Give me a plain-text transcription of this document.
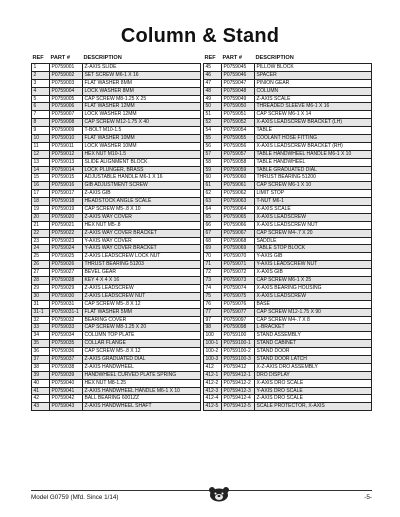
Column & Stand
REF	PART #	DESCRIPTION
1	P0759001	Z-AXIS SLIDE
2	P0759002	SET SCREW M6-1 X 16
3	P0759003	FLAT WASHER 8MM
4	P0759004	LOCK WASHER 8MM
5	P0759005	CAP SCREW M8-1.25 X 25
6	P0759006	FLAT WASHER 12MM
7	P0759007	LOCK WASHER 12MM
8	P0759008	CAP SCREW M12-1.75 X 40
9	P0759009	T-BOLT M10-1.5
10	P0759010	FLAT WASHER 10MM
11	P0759011	LOCK WASHER 10MM
12	P0759012	HEX NUT M10-1.5
13	P0759013	SLIDE ALIGNMENT BLOCK
14	P0759014	LOCK PLUNGER, BRASS
15	P0759015	ADJUSTABLE HANDLE M6-1 X 16
16	P0759016	GIB ADJUSTMENT SCREW
17	P0759017	Z-AXIS GIB
18	P0759018	HEADSTOCK ANGLE SCALE
19	P0759019	CAP SCREW M5-.8 X 10
20	P0759020	Z-AXIS WAY COVER
21	P0759021	HEX NUT M5-.8
22	P0759022	Z-AXIS WAY COVER BRACKET
23	P0759023	Y-AXIS WAY COVER
24	P0759024	Y-AXIS WAY COVER BRACKET
25	P0759025	Z-AXIS LEADSCREW LOCK NUT
26	P0759026	THRUST BEARING 51203
27	P0759027	BEVEL GEAR
28	P0759028	KEY 4 X 4 X 16
29	P0759029	Z-AXIS LEADSCREW
30	P0759030	Z-AXIS LEADSCREW NUT
31	P0759031	CAP SCREW M5-.8 X 12
31-1	P0759031-1	FLAT WASHER 5MM
32	P0759032	BEARING COVER
33	P0759033	CAP SCREW M8-1.25 X 20
34	P0759034	COLUMN TOP PLATE
35	P0759035	COLLAR FLANGE
36	P0759036	CAP SCREW M5-.8 X 12
37	P0759037	Z-AXIS GRADUATED DIAL
38	P0759038	Z-AXIS HANDWHEEL
39	P0759039	HANDWHEEL CURVED PLATE SPRING
40	P0759040	HEX NUT M8-1.25
41	P0759041	Z-AXIS HANDWHEEL HANDLE M6-1 X 10
42	P0759042	BALL BEARING 6001ZZ
43	P0759043	Z-AXIS HANDWHEEL SHAFT
REF	PART #	DESCRIPTION
45	P0759045	PILLOW BLOCK
46	P0759046	SPACER
47	P0759047	PINION GEAR
48	P0759048	COLUMN
49	P0759049	Z-AXIS SCALE
50	P0759050	THREADED SLEEVE M6-1 X 16
51	P0759051	CAP SCREW M6-1 X 14
52	P0759052	X-AXIS LEADSCREW BRACKET (LH)
54	P0759054	TABLE
55	P0759055	COOLANT HOSE FITTING
56	P0759056	X-AXIS LEADSCREW BRACKET (RH)
57	P0759057	TABLE HANDWHEEL HANDLE M6-1 X 10
58	P0759058	TABLE HANDWHEEL
59	P0759059	TABLE GRADUATED DIAL
60	P0759060	THRUST BEARING 51200
61	P0759061	CAP SCREW M6-1 X 10
62	P0759062	LIMIT STOP
63	P0759063	T-NUT M6-1
64	P0759064	X-AXIS SCALE
65	P0759065	X-AXIS LEADSCREW
66	P0759066	X-AXIS LEADSCREW NUT
67	P0759067	CAP SCREW M4-.7 X 20
68	P0759068	SADDLE
69	P0759069	TABLE STOP BLOCK
70	P0759070	Y-AXIS GIB
71	P0759071	Y-AXIS LEADSCREW NUT
72	P0759072	X-AXIS GIB
73	P0759073	CAP SCREW M6-1 X 25
74	P0759074	X-AXIS BEARING HOUSING
75	P0759075	X-AXIS LEADSCREW
76	P0759076	BASE
77	P0759077	CAP SCREW M12-1.75 X 90
97	P0759097	CAP SCREW M4-.7 X 8
98	P0759098	L-BRACKET
100	P0759100	STAND ASSEMBLY
100-1	P0759100-1	STAND CABINET
100-2	P0759100-2	STAND DOOR
100-3	P0759100-3	STAND DOOR LATCH
412	P0759412	X-Z-AXIS DRO ASSEMBLY
412-1	P0759412-1	DRO DISPLAY
412-2	P0759412-2	X-AXIS DRO SCALE
412-3	P0759412-3	Y-AXIS DRO SCALE
412-4	P0759412-4	Z-AXIS DRO SCALE
412-5	P0759412-5	SCALE PROTECTOR, X-AXIS
Model G0759 (Mfd. Since 1/14)	-5-
